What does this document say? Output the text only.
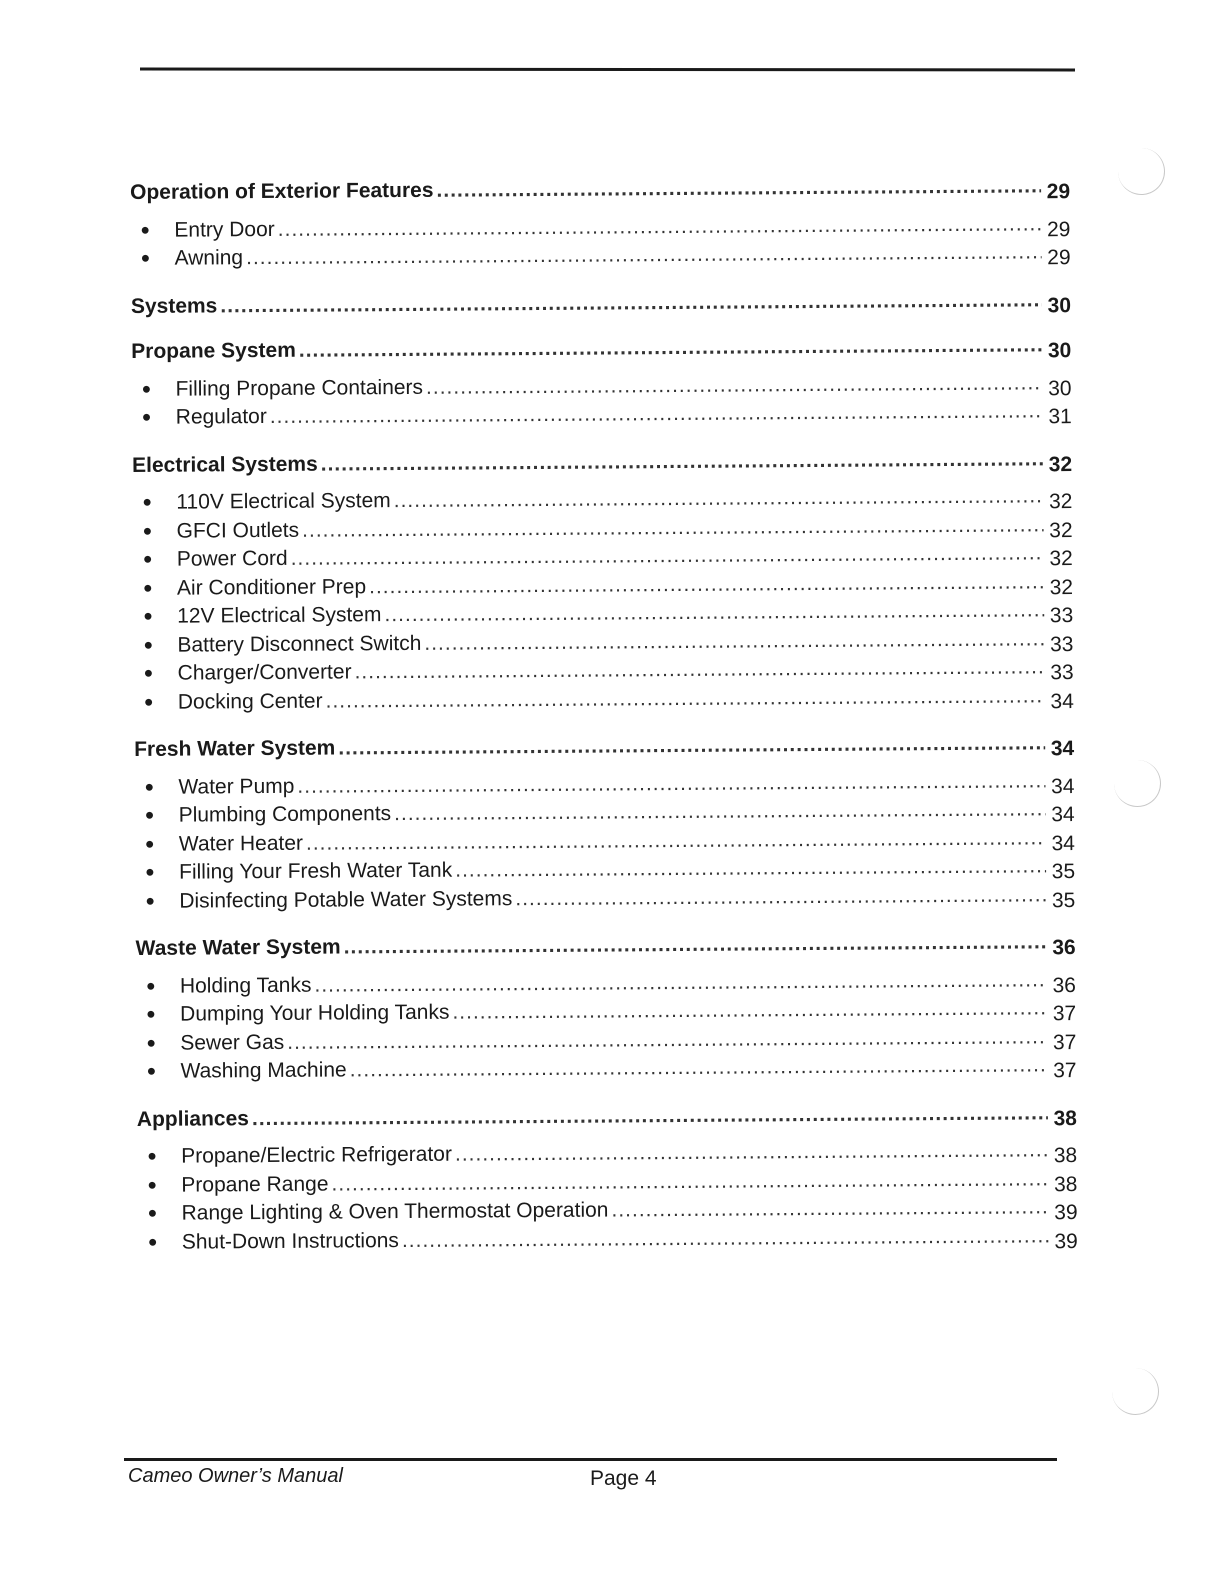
Operation of Exterior Features .....	29
●	Entry Door .....	29
●	Awning .....	29
Systems .....	30
Propane System .....	30
●	Filling Propane Containers .....	30
●	Regulator .....	31
Electrical Systems .....	32
●	110V Electrical System .....	32
●	GFCI Outlets .....	32
●	Power Cord .....	32
●	Air Conditioner Prep .....	32
●	12V Electrical System .....	33
●	Battery Disconnect Switch .....	33
●	Charger/Converter .....	33
●	Docking Center .....	34
Fresh Water System .....	34
●	Water Pump .....	34
●	Plumbing Components .....	34
●	Water Heater .....	34
●	Filling Your Fresh Water Tank .....	35
●	Disinfecting Potable Water Systems .....	35
Waste Water System .....	36
●	Holding Tanks .....	36
●	Dumping Your Holding Tanks .....	37
●	Sewer Gas .....	37
●	Washing Machine .....	37
Appliances .....	38
●	Propane/Electric Refrigerator .....	38
●	Propane Range .....	38
●	Range Lighting & Oven Thermostat Operation .....	39
●	Shut-Down Instructions .....	39
Cameo Owner’s Manual	Page 4
